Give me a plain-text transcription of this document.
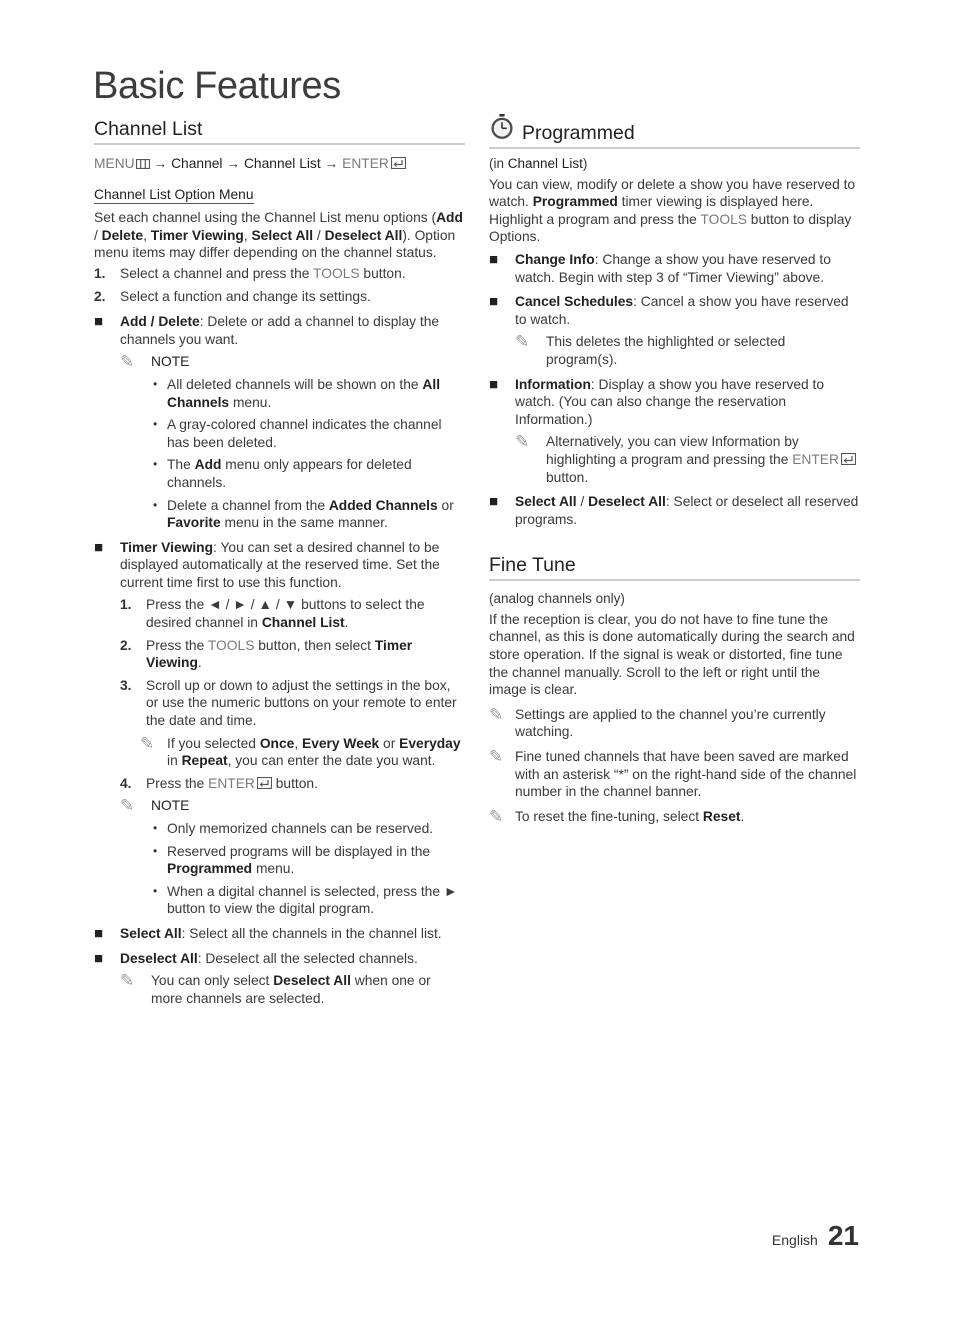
Basic Features
Channel List

MENU → Channel → Channel List → ENTER

Channel List Option Menu

Set each channel using the Channel List menu options (Add / Delete, Timer Viewing, Select All / Deselect All). Option menu items may differ depending on the channel status.

1.	Select a channel and press the TOOLS button.
2.	Select a function and change its settings.
■	Add / Delete: Delete or add a channel to display the channels you want.
✎	NOTE
• All deleted channels will be shown on the All Channels menu.
• A gray-colored channel indicates the channel has been deleted.
• The Add menu only appears for deleted channels.
• Delete a channel from the Added Channels or Favorite menu in the same manner.
■	Timer Viewing: You can set a desired channel to be displayed automatically at the reserved time. Set the current time first to use this function.
1.	Press the ◄ / ► / ▲ / ▼ buttons to select the desired channel in Channel List.
2.	Press the TOOLS button, then select Timer Viewing.
3.	Scroll up or down to adjust the settings in the box, or use the numeric buttons on your remote to enter the date and time.
✎ If you selected Once, Every Week or Everyday in Repeat, you can enter the date you want.
4.	Press the ENTER button.
✎	NOTE
• Only memorized channels can be reserved.
• Reserved programs will be displayed in the Programmed menu.
• When a digital channel is selected, press the ► button to view the digital program.
■	Select All: Select all the channels in the channel list.
■	Deselect All: Deselect all the selected channels.
✎	You can only select Deselect All when one or more channels are selected.
Programmed

(in Channel List)

You can view, modify or delete a show you have reserved to watch. Programmed timer viewing is displayed here. Highlight a program and press the TOOLS button to display Options.

■	Change Info: Change a show you have reserved to watch. Begin with step 3 of “Timer Viewing” above.
■	Cancel Schedules: Cancel a show you have reserved to watch.
✎	This deletes the highlighted or selected program(s).
■	Information: Display a show you have reserved to watch. (You can also change the reservation Information.)
✎	Alternatively, you can view Information by highlighting a program and pressing the ENTER button.
■	Select All / Deselect All: Select or deselect all reserved programs.
Fine Tune

(analog channels only)

If the reception is clear, you do not have to fine tune the channel, as this is done automatically during the search and store operation. If the signal is weak or distorted, fine tune the channel manually. Scroll to the left or right until the image is clear.

✎ Settings are applied to the channel you’re currently watching.
✎ Fine tuned channels that have been saved are marked with an asterisk “*” on the right-hand side of the channel number in the channel banner.
✎ To reset the fine-tuning, select Reset.
English 21
